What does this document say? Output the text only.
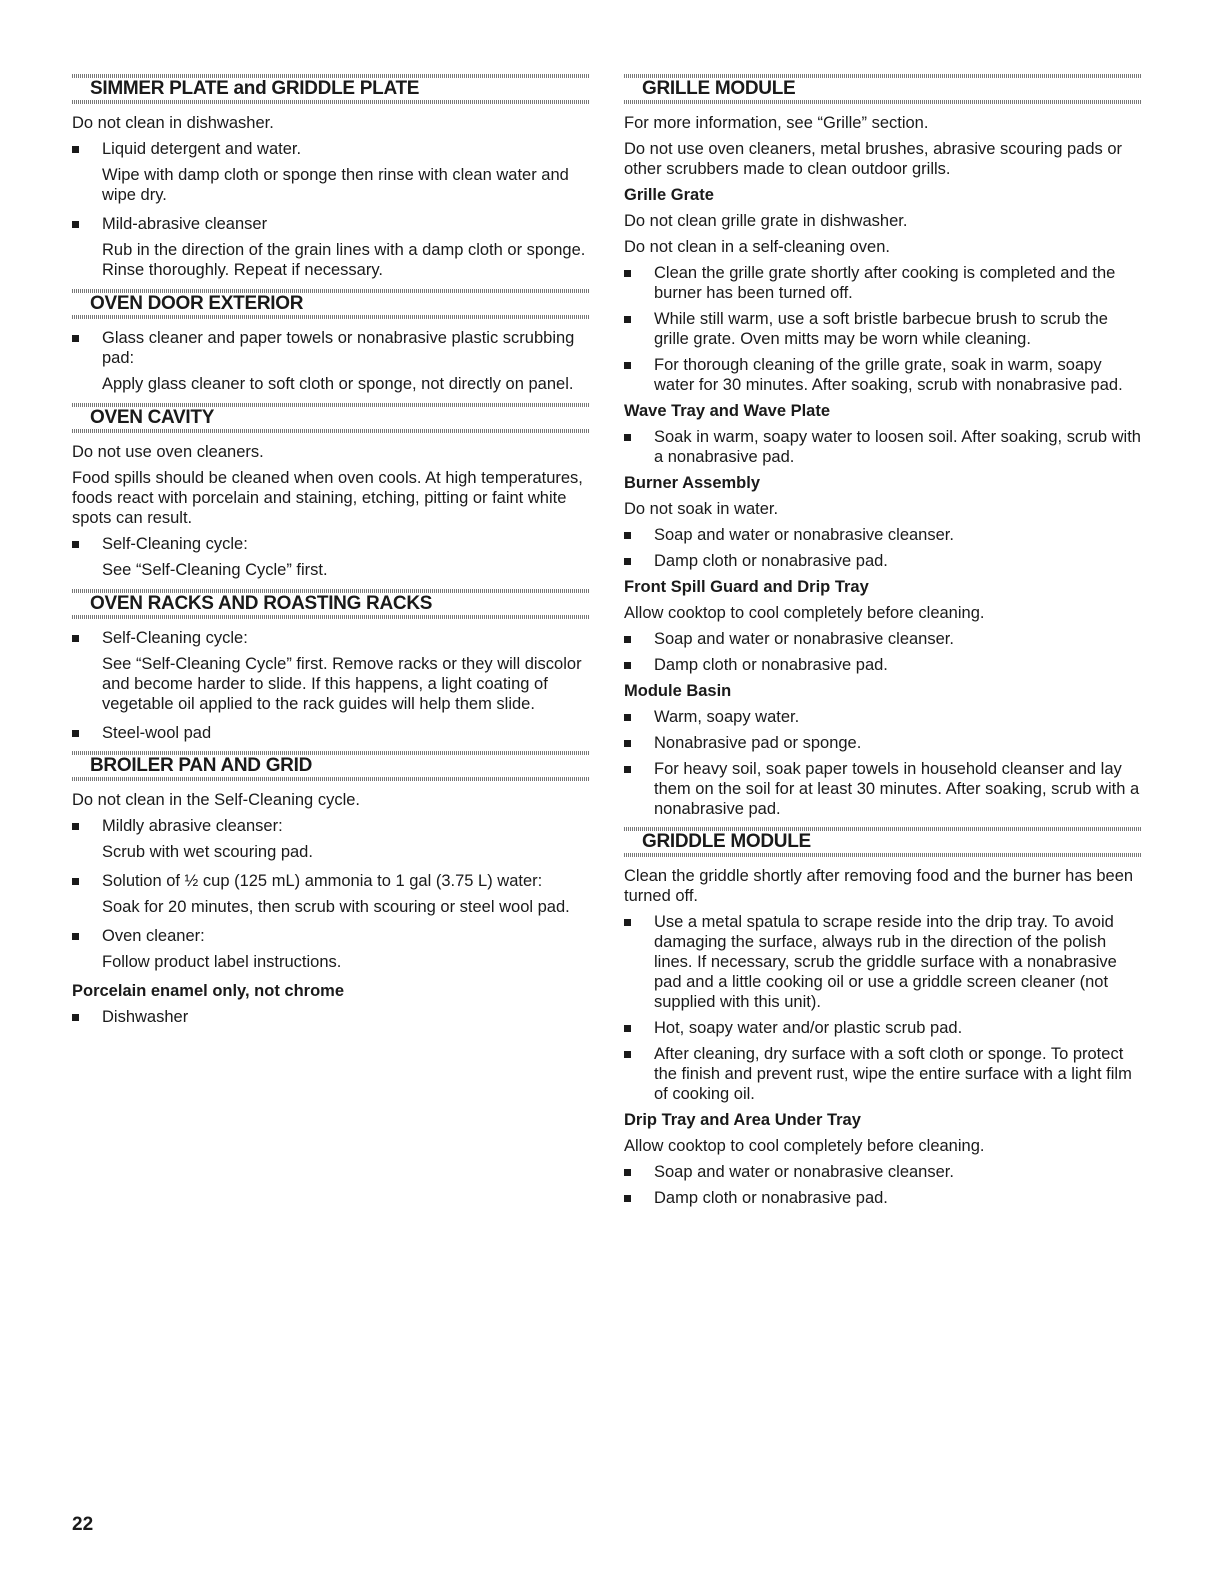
SIMMER PLATE and GRIDDLE PLATE
Do not clean in dishwasher.
Liquid detergent and water.
Wipe with damp cloth or sponge then rinse with clean water and wipe dry.
Mild-abrasive cleanser
Rub in the direction of the grain lines with a damp cloth or sponge. Rinse thoroughly. Repeat if necessary.
OVEN DOOR EXTERIOR
Glass cleaner and paper towels or nonabrasive plastic scrubbing pad:
Apply glass cleaner to soft cloth or sponge, not directly on panel.
OVEN CAVITY
Do not use oven cleaners.
Food spills should be cleaned when oven cools. At high temperatures, foods react with porcelain and staining, etching, pitting or faint white spots can result.
Self-Cleaning cycle:
See “Self-Cleaning Cycle” first.
OVEN RACKS AND ROASTING RACKS
Self-Cleaning cycle:
See “Self-Cleaning Cycle” first. Remove racks or they will discolor and become harder to slide. If this happens, a light coating of vegetable oil applied to the rack guides will help them slide.
Steel-wool pad
BROILER PAN AND GRID
Do not clean in the Self-Cleaning cycle.
Mildly abrasive cleanser:
Scrub with wet scouring pad.
Solution of ½ cup (125 mL) ammonia to 1 gal (3.75 L) water:
Soak for 20 minutes, then scrub with scouring or steel wool pad.
Oven cleaner:
Follow product label instructions.
Porcelain enamel only, not chrome
Dishwasher
GRILLE MODULE
For more information, see “Grille” section.
Do not use oven cleaners, metal brushes, abrasive scouring pads or other scrubbers made to clean outdoor grills.
Grille Grate
Do not clean grille grate in dishwasher.
Do not clean in a self-cleaning oven.
Clean the grille grate shortly after cooking is completed and the burner has been turned off.
While still warm, use a soft bristle barbecue brush to scrub the grille grate. Oven mitts may be worn while cleaning.
For thorough cleaning of the grille grate, soak in warm, soapy water for 30 minutes. After soaking, scrub with nonabrasive pad.
Wave Tray and Wave Plate
Soak in warm, soapy water to loosen soil. After soaking, scrub with a nonabrasive pad.
Burner Assembly
Do not soak in water.
Soap and water or nonabrasive cleanser.
Damp cloth or nonabrasive pad.
Front Spill Guard and Drip Tray
Allow cooktop to cool completely before cleaning.
Soap and water or nonabrasive cleanser.
Damp cloth or nonabrasive pad.
Module Basin
Warm, soapy water.
Nonabrasive pad or sponge.
For heavy soil, soak paper towels in household cleanser and lay them on the soil for at least 30 minutes. After soaking, scrub with a nonabrasive pad.
GRIDDLE MODULE
Clean the griddle shortly after removing food and the burner has been turned off.
Use a metal spatula to scrape reside into the drip tray. To avoid damaging the surface, always rub in the direction of the polish lines. If necessary, scrub the griddle surface with a nonabrasive pad and a little cooking oil or use a griddle screen cleaner (not supplied with this unit).
Hot, soapy water and/or plastic scrub pad.
After cleaning, dry surface with a soft cloth or sponge. To protect the finish and prevent rust, wipe the entire surface with a light film of cooking oil.
Drip Tray and Area Under Tray
Allow cooktop to cool completely before cleaning.
Soap and water or nonabrasive cleanser.
Damp cloth or nonabrasive pad.
22
